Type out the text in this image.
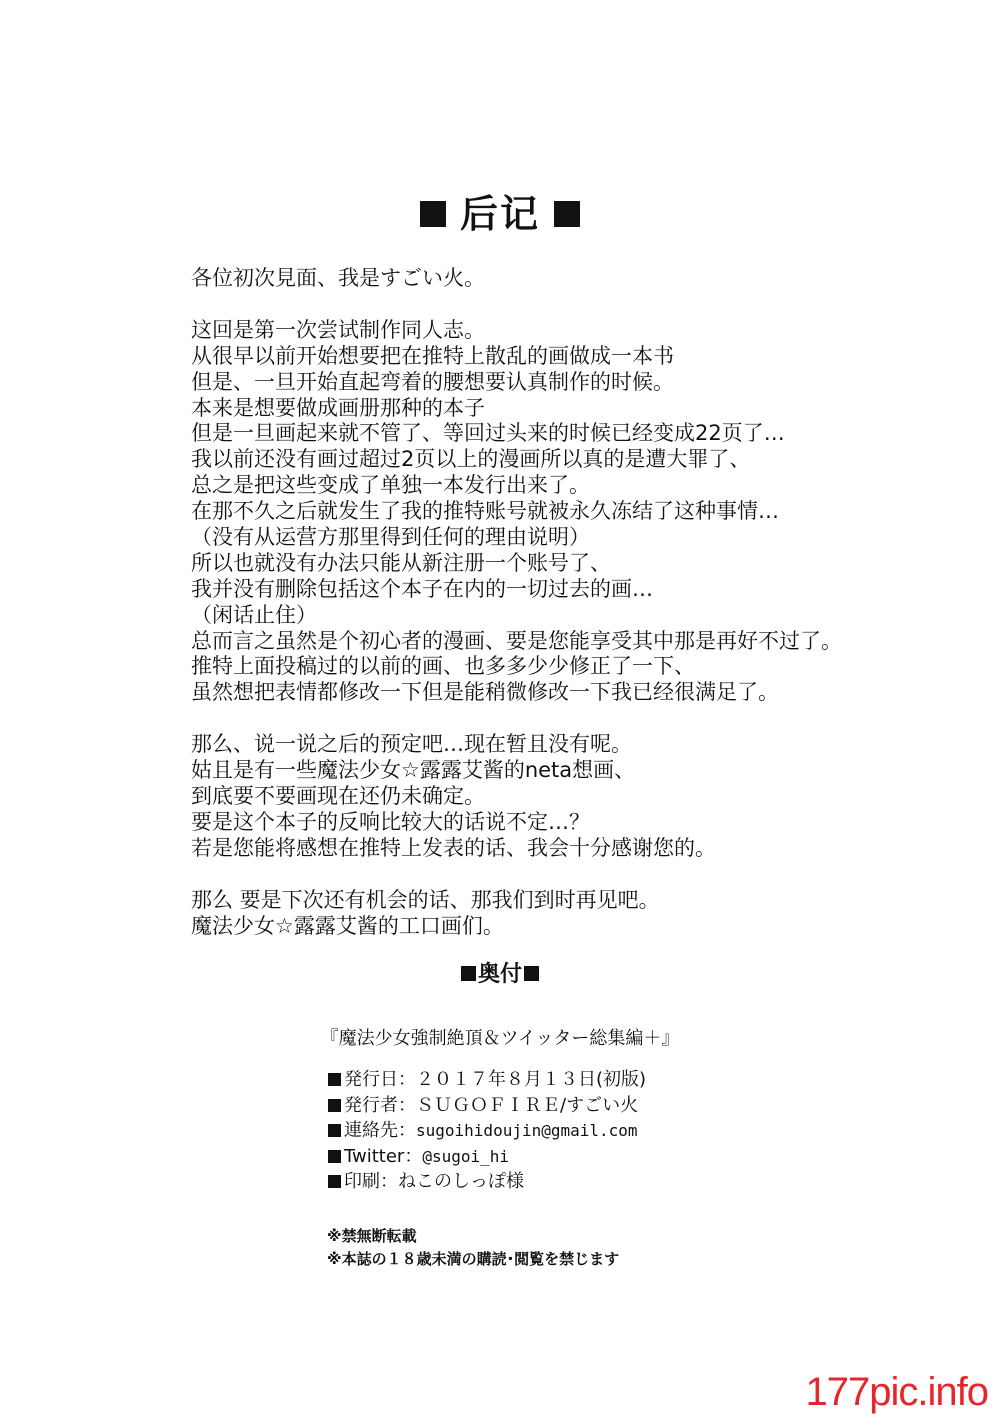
后记
各位初次見面、我是すごい火。
这回是第一次尝试制作同人志。
从很早以前开始想要把在推特上散乱的画做成一本书
但是、一旦开始直起弯着的腰想要认真制作的时候。
本来是想要做成画册那种的本子
但是一旦画起来就不管了、等回过头来的时候已经变成22页了…
我以前还没有画过超过2页以上的漫画所以真的是遭大罪了、
总之是把这些变成了单独一本发行出来了。
在那不久之后就发生了我的推特账号就被永久冻结了这种事情…
（没有从运营方那里得到任何的理由说明）
所以也就没有办法只能从新注册一个账号了、
我并没有删除包括这个本子在内的一切过去的画…
（闲话止住）
总而言之虽然是个初心者的漫画、要是您能享受其中那是再好不过了。
推特上面投稿过的以前的画、也多多少少修正了一下、
虽然想把表情都修改一下但是能稍微修改一下我已经很满足了。
那么、说一说之后的预定吧…现在暂且没有呢。
姑且是有一些魔法少女☆露露艾酱的neta想画、
到底要不要画现在还仍未确定。
要是这个本子的反响比较大的话说不定…？
若是您能将感想在推特上发表的话、我会十分感谢您的。
那么 要是下次还有机会的话、那我们到时再见吧。
魔法少女☆露露艾酱的工口画们。
奥付
『魔法少女強制絶頂＆ツイッター総集編＋』
発行日：２０１７年８月１３日(初版)
発行者：ＳＵＧＯＦＩＲＥ/すごい火
連絡先：sugoihidoujin@gmail.com
Twitter：@sugoi_hi
印刷：ねこのしっぽ様
※禁無断転載
※本誌の１８歳未満の購読･閲覧を禁じます
177pic.info
